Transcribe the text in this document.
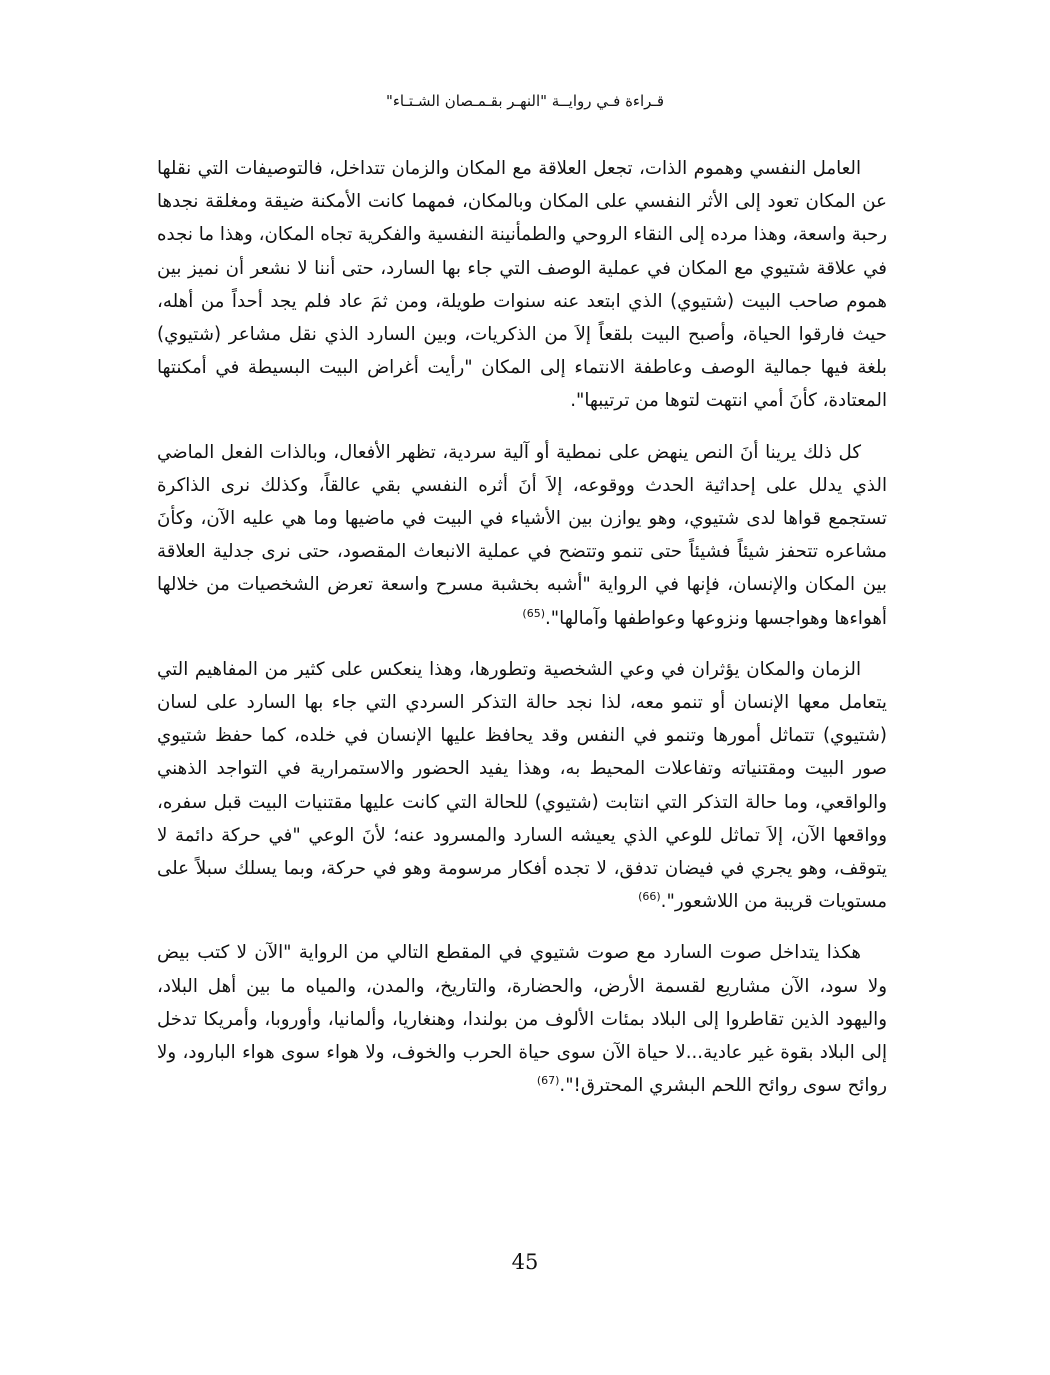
قـراءة فـي روايــة "النهـر بقـمـصان الشـتـاء"

العامل النفسي وهموم الذات، تجعل العلاقة مع المكان والزمان تتداخل، فالتوصيفات التي نقلها عن المكان تعود إلى الأثر النفسي على المكان وبالمكان، فمهما كانت الأمكنة ضيقة ومغلقة نجدها رحبة واسعة، وهذا مرده إلى النقاء الروحي والطمأنينة النفسية والفكرية تجاه المكان، وهذا ما نجده في علاقة شتيوي مع المكان في عملية الوصف التي جاء بها السارد، حتى أننا لا نشعر أن نميز بين هموم صاحب البيت (شتيوي) الذي ابتعد عنه سنوات طويلة، ومن ثمَ عاد فلم يجد أحداً من أهله، حيث فارقوا الحياة، وأصبح البيت بلقعاً إلاَ من الذكريات، وبين السارد الذي نقل مشاعر (شتيوي) بلغة فيها جمالية الوصف وعاطفة الانتماء إلى المكان "رأيت أغراض البيت البسيطة في أمكنتها المعتادة، كأنَ أمي انتهت لتوها من ترتيبها".

كل ذلك يرينا أنَ النص ينهض على نمطية أو آلية سردية، تظهر الأفعال، وبالذات الفعل الماضي الذي يدلل على إحداثية الحدث ووقوعه، إلاَ أنَ أثره النفسي بقي عالقاً، وكذلك نرى الذاكرة تستجمع قواها لدى شتيوي، وهو يوازن بين الأشياء في البيت في ماضيها وما هي عليه الآن، وكأنَ مشاعره تتحفز شيئاً فشيئاً حتى تنمو وتتضح في عملية الانبعاث المقصود، حتى نرى جدلية العلاقة بين المكان والإنسان، فإنها في الرواية "أشبه بخشبة مسرح واسعة تعرض الشخصيات من خلالها أهواءها وهواجسها ونزوعها وعواطفها وآمالها".$^{(65)}$

الزمان والمكان يؤثران في وعي الشخصية وتطورها، وهذا ينعكس على كثير من المفاهيم التي يتعامل معها الإنسان أو تنمو معه، لذا نجد حالة التذكر السردي التي جاء بها السارد على لسان (شتيوي) تتماثل أمورها وتنمو في النفس وقد يحافظ عليها الإنسان في خلده، كما حفظ شتيوي صور البيت ومقتنياته وتفاعلات المحيط به، وهذا يفيد الحضور والاستمرارية في التواجد الذهني والواقعي، وما حالة التذكر التي انتابت (شتيوي) للحالة التي كانت عليها مقتنيات البيت قبل سفره، وواقعها الآن، إلاَ تماثل للوعي الذي يعيشه السارد والمسرود عنه؛ لأنَ الوعي "في حركة دائمة لا يتوقف، وهو يجري في فيضان تدفق، لا تجده أفكار مرسومة وهو في حركة، وبما يسلك سبلاً على مستويات قريبة من اللاشعور".$^{(66)}$

هكذا يتداخل صوت السارد مع صوت شتيوي في المقطع التالي من الرواية "الآن لا كتب بيض ولا سود، الآن مشاريع لقسمة الأرض، والحضارة، والتاريخ، والمدن، والمياه ما بين أهل البلاد، واليهود الذين تقاطروا إلى البلاد بمئات الألوف من بولندا، وهنغاريا، وألمانيا، وأوروبا، وأمريكا تدخل إلى البلاد بقوة غير عادية...لا حياة الآن سوى حياة الحرب والخوف، ولا هواء سوى هواء البارود، ولا روائح سوى روائح اللحم البشري المحترق!".$^{(67)}$

45
